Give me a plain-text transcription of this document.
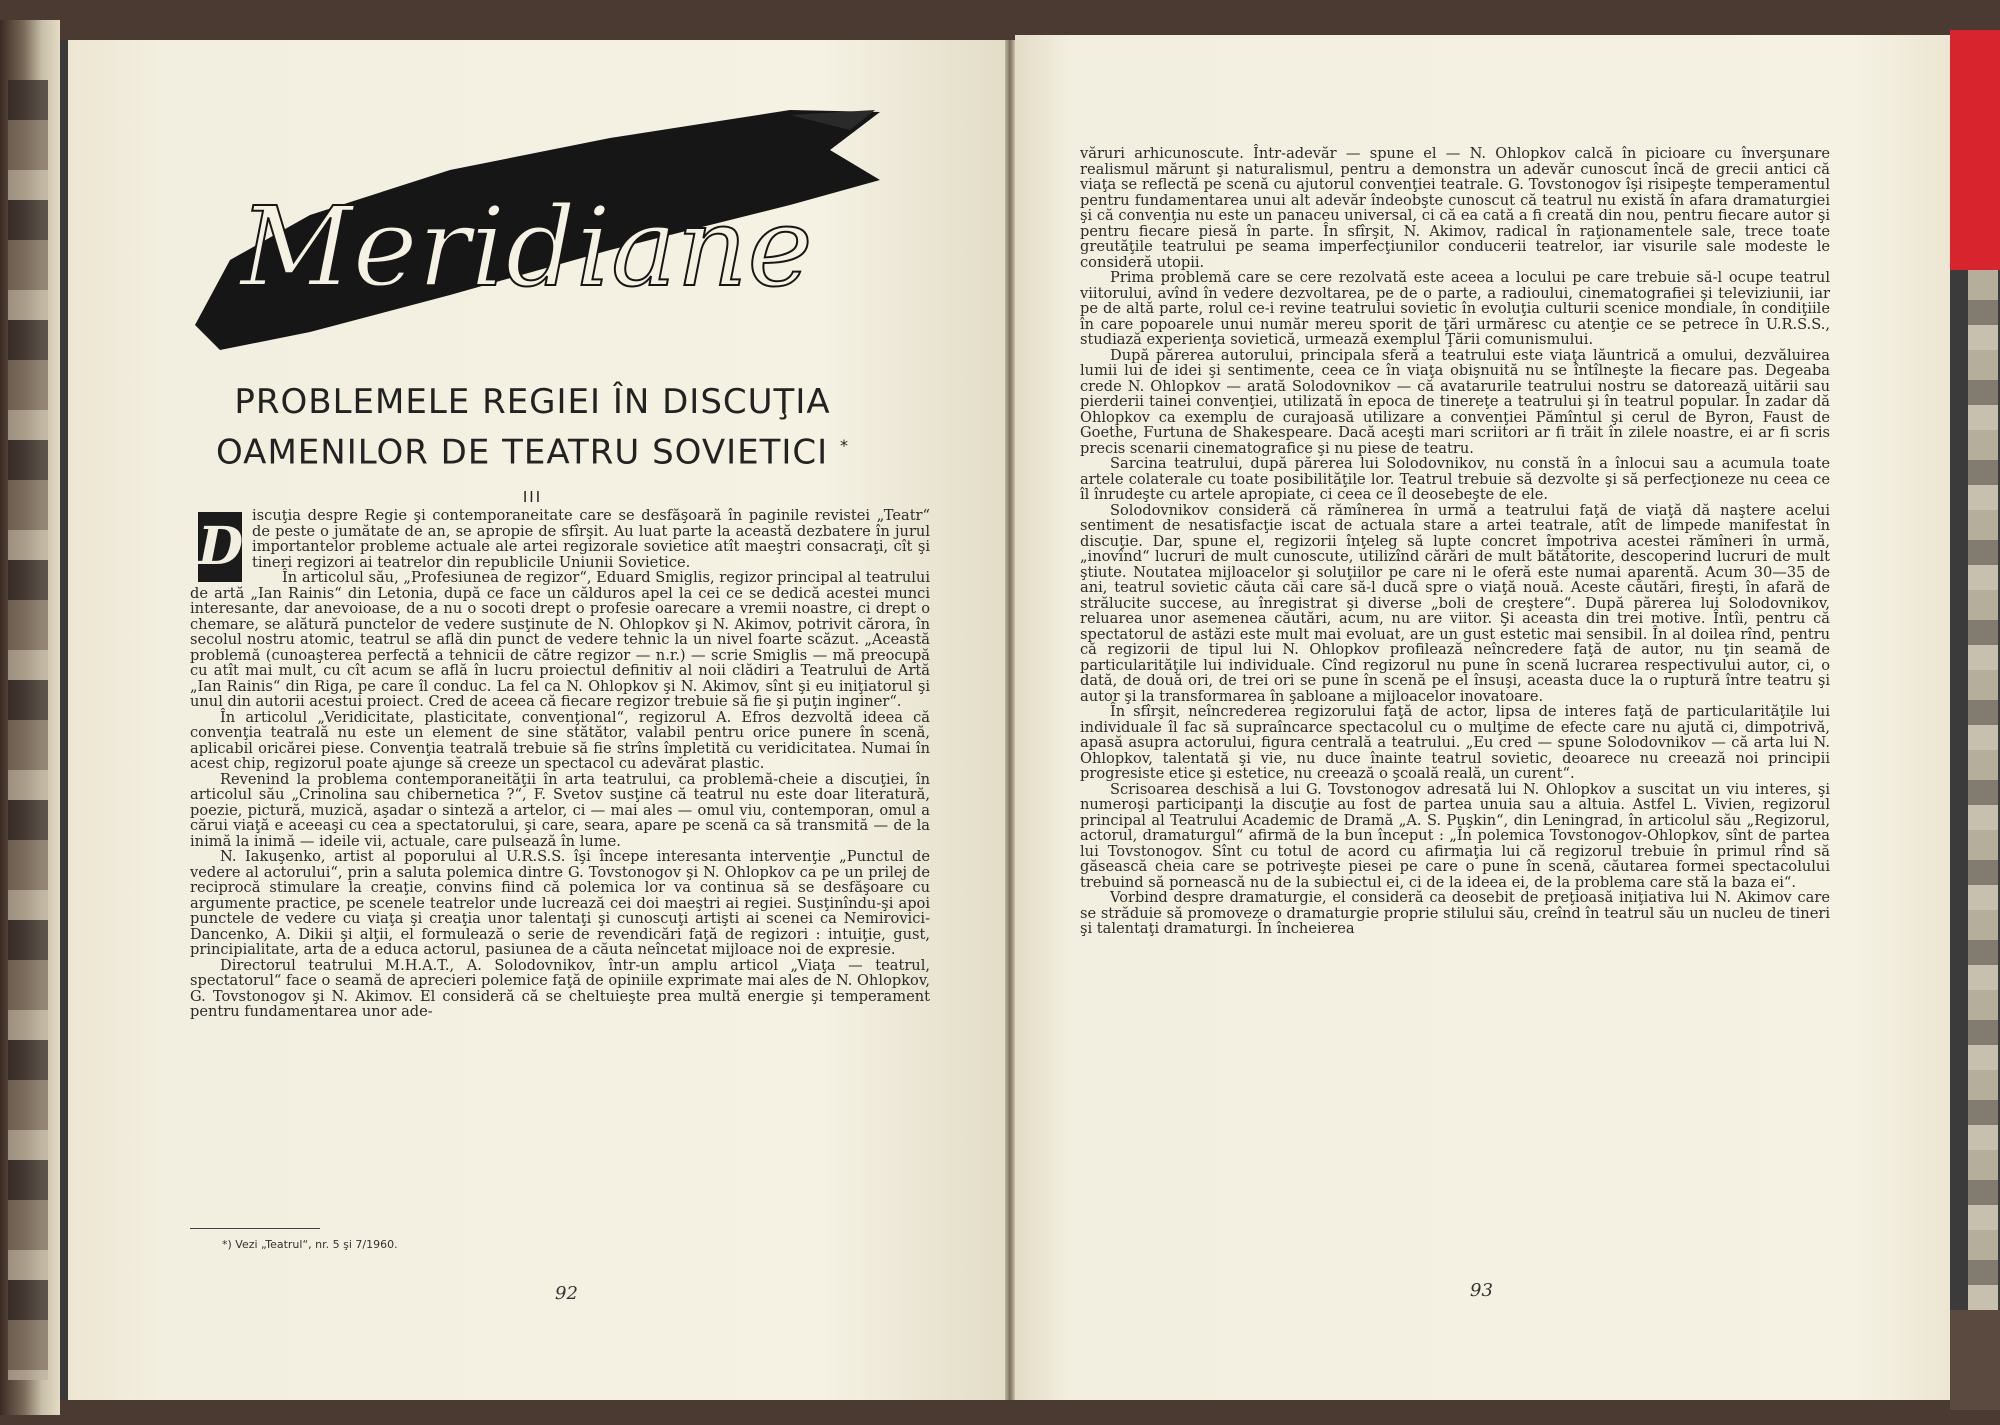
Meridiane
PROBLEMELE REGIEI ÎN DISCUŢIA
OAMENILOR DE TEATRU SOVIETICI *
III

D
iscuţia despre Regie şi contemporaneitate care se desfăşoară în paginile revistei „Teatr“ de peste o jumătate de an, se apropie de sfîrşit. Au luat parte la această dezbatere în jurul importantelor probleme actuale ale artei regizorale sovietice atît maeştri consacraţi, cît şi tineri regizori ai teatrelor din republicile Uniunii Sovietice.

În articolul său, „Profesiunea de regizor“, Eduard Smiglis, regizor principal al teatrului de artă „Ian Rainis“ din Letonia, după ce face un călduros apel la cei ce se dedică acestei munci interesante, dar anevoioase, de a nu o socoti drept o profesie oarecare a vremii noastre, ci drept o chemare, se alătură punctelor de vedere susţinute de N. Ohlopkov şi N. Akimov, potrivit cărora, în secolul nostru atomic, teatrul se află din punct de vedere tehnic la un nivel foarte scăzut. „Această problemă (cunoaşterea perfectă a tehnicii de către regizor — n.r.) — scrie Smiglis — mă preocupă cu atît mai mult, cu cît acum se află în lucru proiectul definitiv al noii clădiri a Teatrului de Artă „Ian Rainis“ din Riga, pe care îl conduc. La fel ca N. Ohlopkov şi N. Akimov, sînt şi eu iniţiatorul şi unul din autorii acestui proiect. Cred de aceea că fiecare regizor trebuie să fie şi puţin inginer“.

În articolul „Veridicitate, plasticitate, convenţional“, regizorul A. Efros dezvoltă ideea că convenţia teatrală nu este un element de sine stătător, valabil pentru orice punere în scenă, aplicabil oricărei piese. Convenţia teatrală trebuie să fie strîns împletită cu veridicitatea. Numai în acest chip, regizorul poate ajunge să creeze un spectacol cu adevărat plastic.

Revenind la problema contemporaneităţii în arta teatrului, ca problemă-cheie a discuţiei, în articolul său „Crinolina sau chibernetica ?“, F. Svetov susţine că teatrul nu este doar literatură, poezie, pictură, muzică, aşadar o sinteză a artelor, ci — mai ales — omul viu, contemporan, omul a cărui viaţă e aceeaşi cu cea a spectatorului, şi care, seara, apare pe scenă ca să transmită — de la inimă la inimă — ideile vii, actuale, care pulsează în lume.

N. Iakuşenko, artist al poporului al U.R.S.S. îşi începe interesanta intervenţie „Punctul de vedere al actorului“, prin a saluta polemica dintre G. Tovstonogov şi N. Ohlopkov ca pe un prilej de reciprocă stimulare la creaţie, convins fiind că polemica lor va continua să se desfăşoare cu argumente practice, pe scenele teatrelor unde lucrează cei doi maeştri ai regiei. Susţinîndu-şi apoi punctele de vedere cu viaţa şi creaţia unor talentaţi şi cunoscuţi artişti ai scenei ca Nemirovici-Dancenko, A. Dikii şi alţii, el formulează o serie de revendicări faţă de regizori : intuiţie, gust, principialitate, arta de a educa actorul, pasiunea de a căuta neîncetat mijloace noi de expresie.

Directorul teatrului M.H.A.T., A. Solodovnikov, într-un amplu articol „Viaţa — teatrul, spectatorul“ face o seamă de aprecieri polemice faţă de opiniile exprimate mai ales de N. Ohlopkov, G. Tovstonogov şi N. Akimov. El consideră că se cheltuieşte prea multă energie şi temperament pentru fundamentarea unor ade-

*) Vezi „Teatrul“, nr. 5 şi 7/1960.
92

văruri arhicunoscute. Într-adevăr — spune el — N. Ohlopkov calcă în picioare cu înverşunare realismul mărunt şi naturalismul, pentru a demonstra un adevăr cunoscut încă de grecii antici că viaţa se reflectă pe scenă cu ajutorul convenţiei teatrale. G. Tovstonogov îşi risipeşte temperamentul pentru fundamentarea unui alt adevăr îndeobşte cunoscut că teatrul nu există în afara dramaturgiei şi că convenţia nu este un panaceu universal, ci că ea cată a fi creată din nou, pentru fiecare autor şi pentru fiecare piesă în parte. În sfîrşit, N. Akimov, radical în raţionamentele sale, trece toate greutăţile teatrului pe seama imperfecţiunilor conducerii teatrelor, iar visurile sale modeste le consideră utopii.

Prima problemă care se cere rezolvată este aceea a locului pe care trebuie să-l ocupe teatrul viitorului, avînd în vedere dezvoltarea, pe de o parte, a radioului, cinematografiei şi televiziunii, iar pe de altă parte, rolul ce-i revine teatrului sovietic în evoluţia culturii scenice mondiale, în condiţiile în care popoarele unui număr mereu sporit de ţări urmăresc cu atenţie ce se petrece în U.R.S.S., studiază experienţa sovietică, urmează exemplul Ţării comunismului.

După părerea autorului, principala sferă a teatrului este viaţa lăuntrică a omului, dezvăluirea lumii lui de idei şi sentimente, ceea ce în viaţa obişnuită nu se întîlneşte la fiecare pas. Degeaba crede N. Ohlopkov — arată Solodovnikov — că avatarurile teatrului nostru se datorează uitării sau pierderii tainei convenţiei, utilizată în epoca de tinereţe a teatrului şi în teatrul popular. În zadar dă Ohlopkov ca exemplu de curajoasă utilizare a convenţiei Pămîntul şi cerul de Byron, Faust de Goethe, Furtuna de Shakespeare. Dacă aceşti mari scriitori ar fi trăit în zilele noastre, ei ar fi scris precis scenarii cinematografice şi nu piese de teatru.

Sarcina teatrului, după părerea lui Solodovnikov, nu constă în a înlocui sau a acumula toate artele colaterale cu toate posibilităţile lor. Teatrul trebuie să dezvolte şi să perfecţioneze nu ceea ce îl înrudeşte cu artele apropiate, ci ceea ce îl deosebeşte de ele.

Solodovnikov consideră că rămînerea în urmă a teatrului faţă de viaţă dă naştere acelui sentiment de nesatisfacţie iscat de actuala stare a artei teatrale, atît de limpede manifestat în discuţie. Dar, spune el, regizorii înţeleg să lupte concret împotriva acestei rămîneri în urmă, „inovînd“ lucruri de mult cunoscute, utilizînd cărări de mult bătătorite, descoperind lucruri de mult ştiute. Noutatea mijloacelor şi soluţiilor pe care ni le oferă este numai aparentă. Acum 30—35 de ani, teatrul sovietic căuta căi care să-l ducă spre o viaţă nouă. Aceste căutări, fireşti, în afară de strălucite succese, au înregistrat şi diverse „boli de creştere“. După părerea lui Solodovnikov, reluarea unor asemenea căutări, acum, nu are viitor. Şi aceasta din trei motive. Întîi, pentru că spectatorul de astăzi este mult mai evoluat, are un gust estetic mai sensibil. În al doilea rînd, pentru că regizorii de tipul lui N. Ohlopkov profilează neîncredere faţă de autor, nu ţin seamă de particularităţile lui individuale. Cînd regizorul nu pune în scenă lucrarea respectivului autor, ci, o dată, de două ori, de trei ori se pune în scenă pe el însuşi, aceasta duce la o ruptură între teatru şi autor şi la transformarea în şabloane a mijloacelor inovatoare.

În sfîrşit, neîncrederea regizorului faţă de actor, lipsa de interes faţă de particularităţile lui individuale îl fac să supraîncarce spectacolul cu o mulţime de efecte care nu ajută ci, dimpotrivă, apasă asupra actorului, figura centrală a teatrului. „Eu cred — spune Solodovnikov — că arta lui N. Ohlopkov, talentată şi vie, nu duce înainte teatrul sovietic, deoarece nu creează noi principii progresiste etice şi estetice, nu creează o şcoală reală, un curent“.

Scrisoarea deschisă a lui G. Tovstonogov adresată lui N. Ohlopkov a suscitat un viu interes, şi numeroşi participanţi la discuţie au fost de partea unuia sau a altuia. Astfel L. Vivien, regizorul principal al Teatrului Academic de Dramă „A. S. Puşkin“, din Leningrad, în articolul său „Regizorul, actorul, dramaturgul“ afirmă de la bun început : „În polemica Tovstonogov-Ohlopkov, sînt de partea lui Tovstonogov. Sînt cu totul de acord cu afirmaţia lui că regizorul trebuie în primul rînd să găsească cheia care se potriveşte piesei pe care o pune în scenă, căutarea formei spectacolului trebuind să pornească nu de la subiectul ei, ci de la ideea ei, de la problema care stă la baza ei“.

Vorbind despre dramaturgie, el consideră ca deosebit de preţioasă iniţiativa lui N. Akimov care se străduie să promoveze o dramaturgie proprie stilului său, creînd în teatrul său un nucleu de tineri şi talentaţi dramaturgi. În încheierea

93
